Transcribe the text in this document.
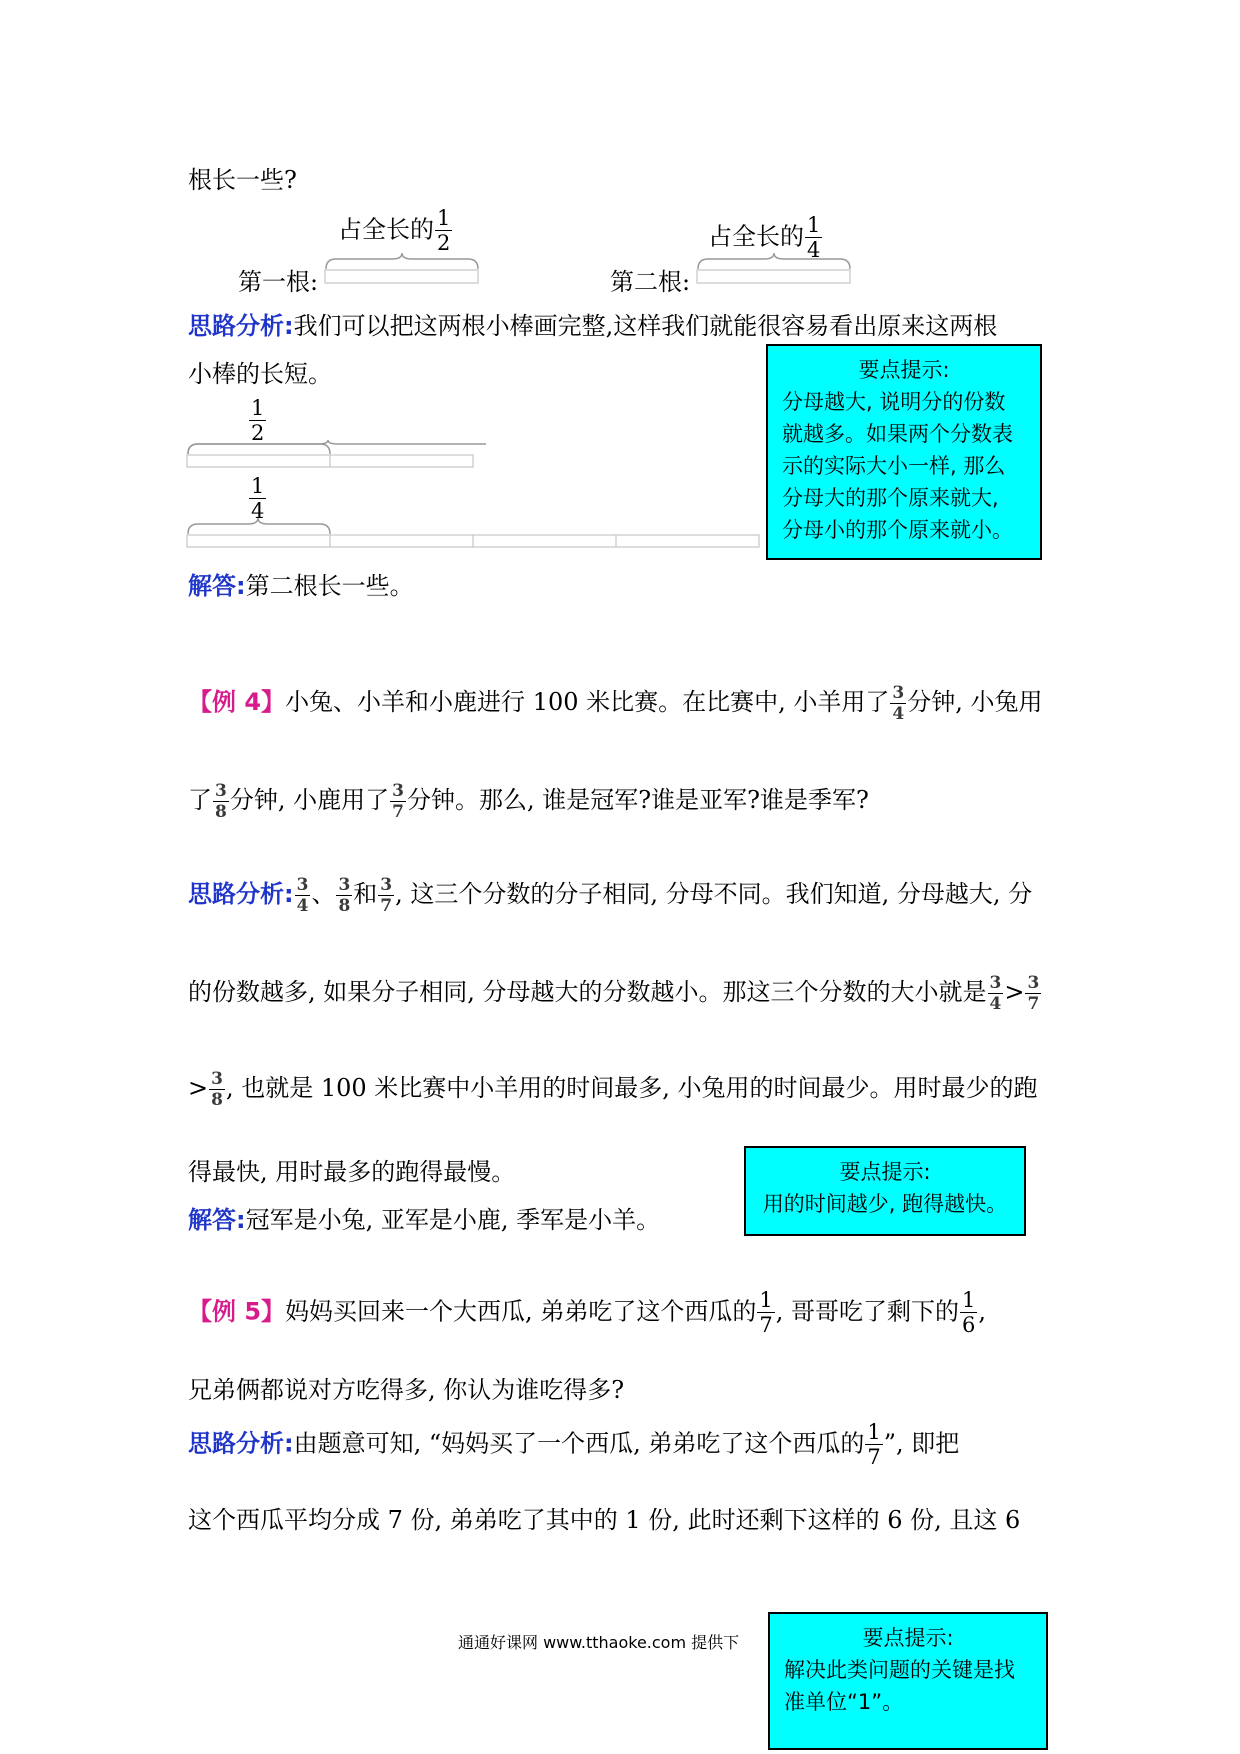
根长一些?
占全长的 $\frac{1}{2}$
第一根:
占全长的 $\frac{1}{4}$
第二根:
思路分析:我们可以把这两根小棒画完整,这样我们就能很容易看出原来这两根
小棒的长短。
$\frac{1}{2}$
$\frac{1}{4}$
解答:第二根长一些。
要点提示:
分母越大, 说明分的份数
就越多。如果两个分数表
示的实际大小一样, 那么
分母大的那个原来就大,
分母小的那个原来就小。
【例 4】小兔、小羊和小鹿进行 100 米比赛。在比赛中, 小羊用了 $\frac{3}{4}$ 分钟, 小兔用
了 $\frac{3}{8}$ 分钟, 小鹿用了 $\frac{3}{7}$ 分钟。那么, 谁是冠军?谁是亚军?谁是季军?
思路分析: $\frac{3}{4}$ 、 $\frac{3}{8}$ 和 $\frac{3}{7}$ , 这三个分数的分子相同, 分母不同。我们知道, 分母越大, 分
的份数越多, 如果分子相同, 分母越大的分数越小。那这三个分数的大小就是 $\frac{3}{4} > \frac{3}{7}$
> $\frac{3}{8}$ , 也就是 100 米比赛中小羊用的时间最多, 小兔用的时间最少。用时最少的跑
得最快, 用时最多的跑得最慢。
解答:冠军是小兔, 亚军是小鹿, 季军是小羊。
要点提示:
用的时间越少, 跑得越快。
【例 5】妈妈买回来一个大西瓜, 弟弟吃了这个西瓜的 $\frac{1}{7}$ , 哥哥吃了剩下的 $\frac{1}{6}$ ,
兄弟俩都说对方吃得多, 你认为谁吃得多?
思路分析:由题意可知, “妈妈买了一个西瓜, 弟弟吃了这个西瓜的 $\frac{1}{7}$ ”, 即把
这个西瓜平均分成 7 份, 弟弟吃了其中的 1 份, 此时还剩下这样的 6 份, 且这 6
通通好课网 www.tthaoke.com 提供下	要点提示:
解决此类问题的关键是找
准单位“1”。
